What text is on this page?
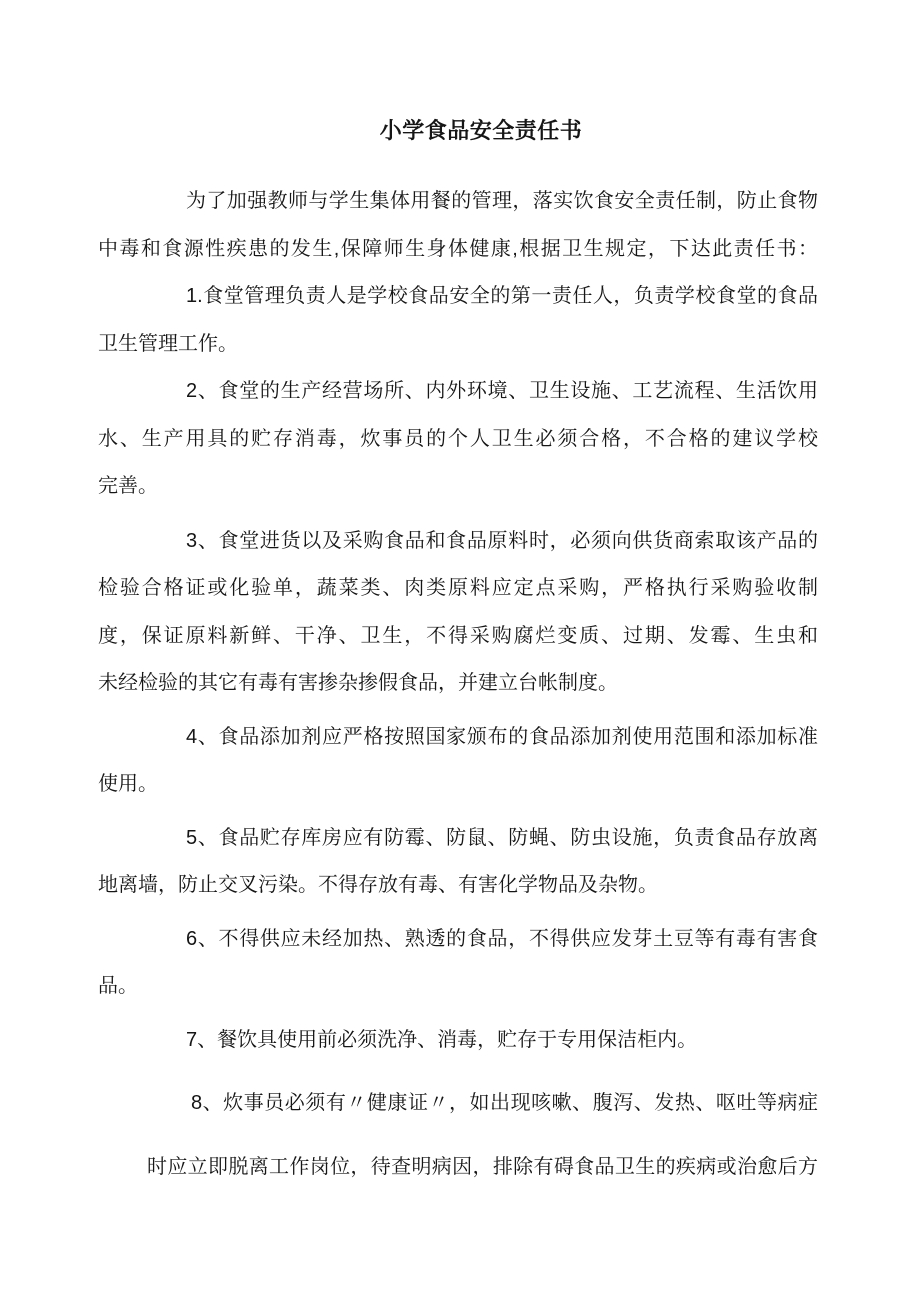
小学食品安全责任书
为了加强教师与学生集体用餐的管理，落实饮食安全责任制，防止食物
中毒和食源性疾患的发生,保障师生身体健康,根据卫生规定，下达此责任书：
1.食堂管理负责人是学校食品安全的第一责任人，负责学校食堂的食品
卫生管理工作。
2、食堂的生产经营场所、内外环境、卫生设施、工艺流程、生活饮用
水、生产用具的贮存消毒，炊事员的个人卫生必须合格，不合格的建议学校
完善。
3、食堂进货以及采购食品和食品原料时，必须向供货商索取该产品的
检验合格证或化验单，蔬菜类、肉类原料应定点采购，严格执行采购验收制
度，保证原料新鲜、干净、卫生，不得采购腐烂变质、过期、发霉、生虫和
未经检验的其它有毒有害掺杂掺假食品，并建立台帐制度。
4、食品添加剂应严格按照国家颁布的食品添加剂使用范围和添加标准
使用。
5、食品贮存库房应有防霉、防鼠、防蝇、防虫设施，负责食品存放离
地离墙，防止交叉污染。不得存放有毒、有害化学物品及杂物。
6、不得供应未经加热、熟透的食品，不得供应发芽土豆等有毒有害食
品。
7、餐饮具使用前必须洗净、消毒，贮存于专用保洁柜内。
8、炊事员必须有〃健康证〃，如出现咳嗽、腹泻、发热、呕吐等病症
时应立即脱离工作岗位，待查明病因，排除有碍食品卫生的疾病或治愈后方
